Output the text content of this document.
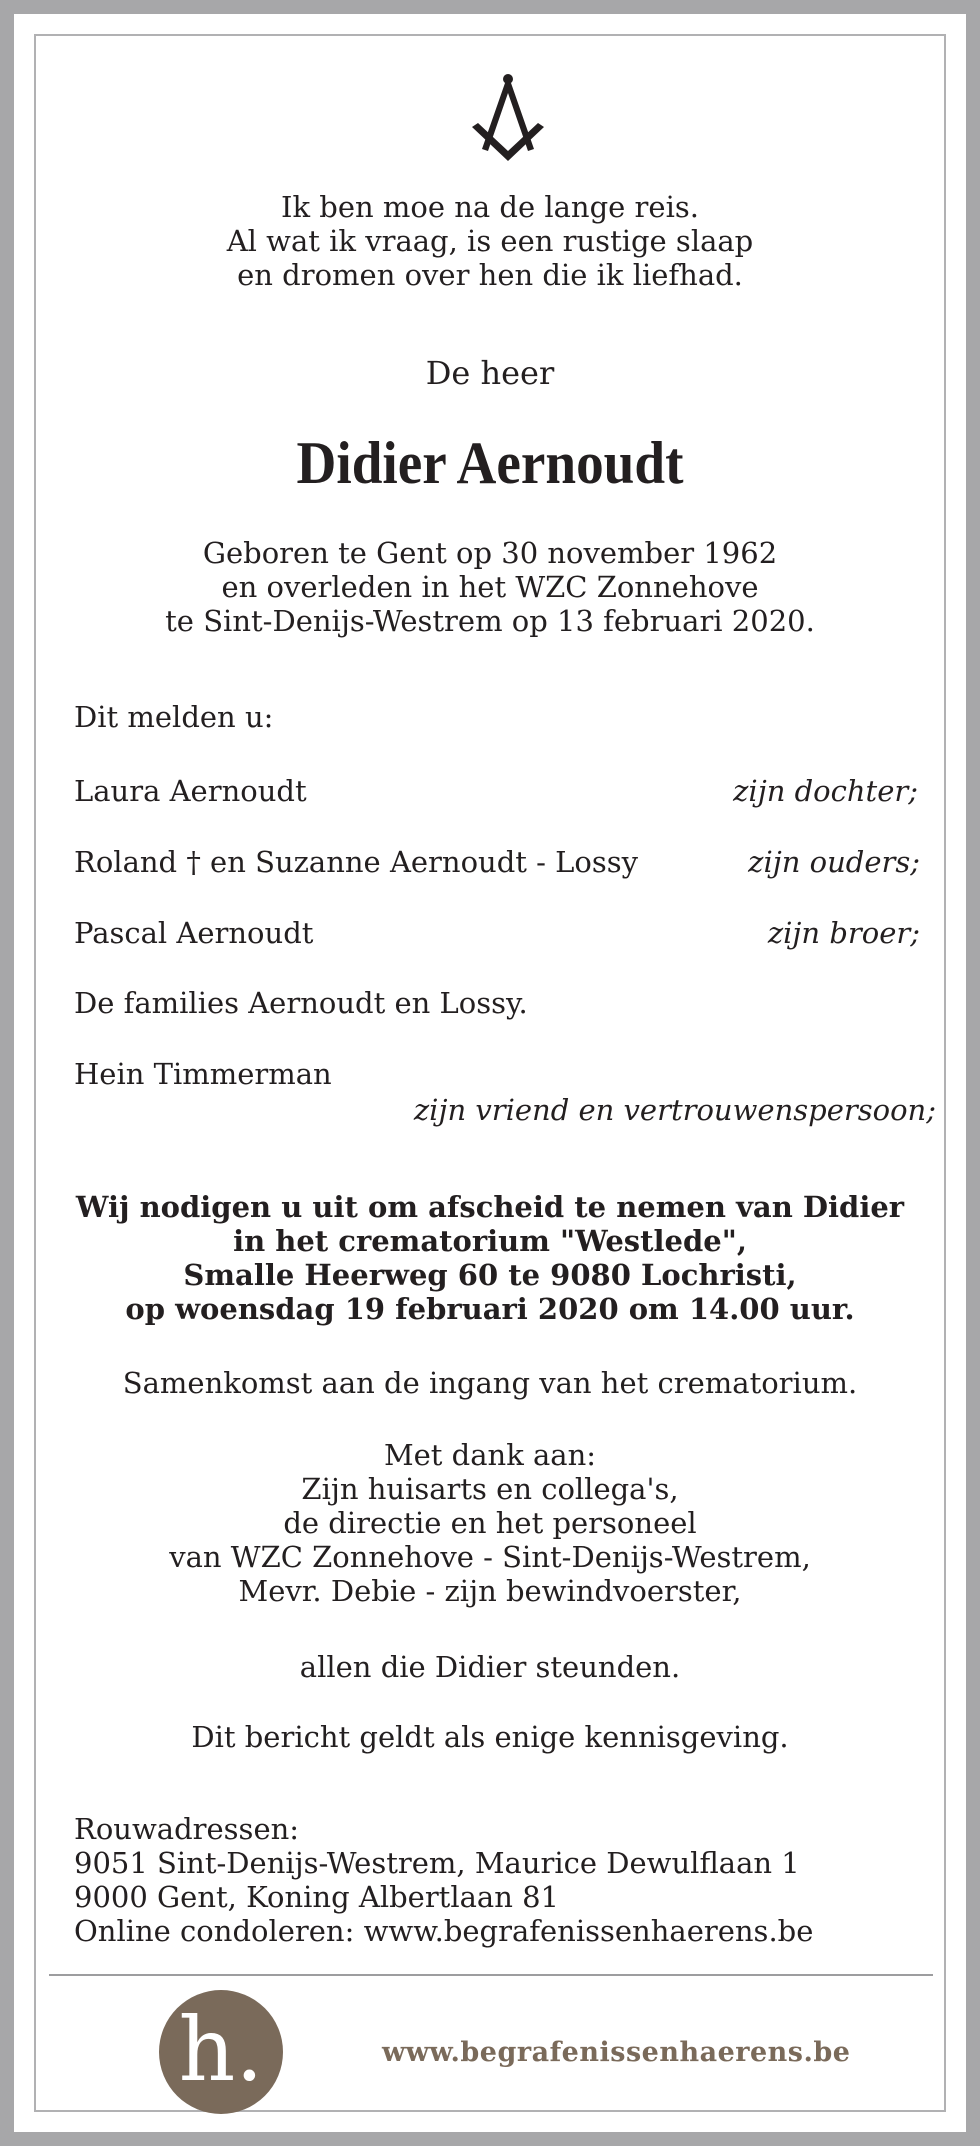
Ik ben moe na de lange reis.
Al wat ik vraag, is een rustige slaap
en dromen over hen die ik liefhad.
De heer
Didier Aernoudt
Geboren te Gent op 30 november 1962
en overleden in het WZC Zonnehove
te Sint-Denijs-Westrem op 13 februari 2020.
Dit melden u:
Laura Aernoudt	zijn dochter;
Roland † en Suzanne Aernoudt - Lossy	zijn ouders;
Pascal Aernoudt	zijn broer;
De families Aernoudt en Lossy.
Hein Timmerman
zijn vriend en vertrouwenspersoon;
Wij nodigen u uit om afscheid te nemen van Didier
in het crematorium "Westlede",
Smalle Heerweg 60 te 9080 Lochristi,
op woensdag 19 februari 2020 om 14.00 uur.
Samenkomst aan de ingang van het crematorium.
Met dank aan:
Zijn huisarts en collega's,
de directie en het personeel
van WZC Zonnehove - Sint-Denijs-Westrem,
Mevr. Debie - zijn bewindvoerster,
allen die Didier steunden.
Dit bericht geldt als enige kennisgeving.
Rouwadressen:
9051 Sint-Denijs-Westrem, Maurice Dewulflaan 1
9000 Gent, Koning Albertlaan 81
Online condoleren: www.begrafenissenhaerens.be
h.	www.begrafenissenhaerens.be
